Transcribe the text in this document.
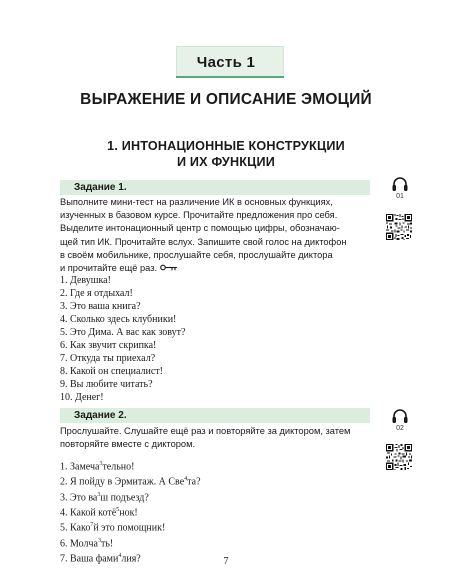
Часть 1
ВЫРАЖЕНИЕ И ОПИСАНИЕ ЭМОЦИЙ
1. ИНТОНАЦИОННЫЕ КОНСТРУКЦИИ
И ИХ ФУНКЦИИ
Задание 1.
Выполните мини-тест на различение ИК в основных функциях,
изученных в базовом курсе. Прочитайте предложения про себя.
Выделите интонационный центр с помощью цифры, обозначаю-
щей тип ИК. Прочитайте вслух. Запишите свой голос на диктофон
в своём мобильнике, прослушайте себя, прослушайте диктора
и прочитайте ещё раз.
01
1. Девушка!
2. Где я отдыхал!
3. Это ваша книга?
4. Сколько здесь клубники!
5. Это Дима. А вас как зовут?
6. Как звучит скрипка!
7. Откуда ты приехал?
8. Какой он специалист!
9. Вы любите читать?
10. Денег!
Задание 2.
Прослушайте. Слушайте ещё раз и повторяйте за диктором, затем
повторяйте вместе с диктором.
02
1. Замеча$^3$тельно!
2. Я пойду в Эрмитаж. А Све$^4$та?
3. Это $ва^3ш$ подъезд?
4. Какой котё$^5$нок!
5. Како$^7$й это помощник!
6. Молча$^3$ть!
7. Ваша фами$^4$лия?	7
